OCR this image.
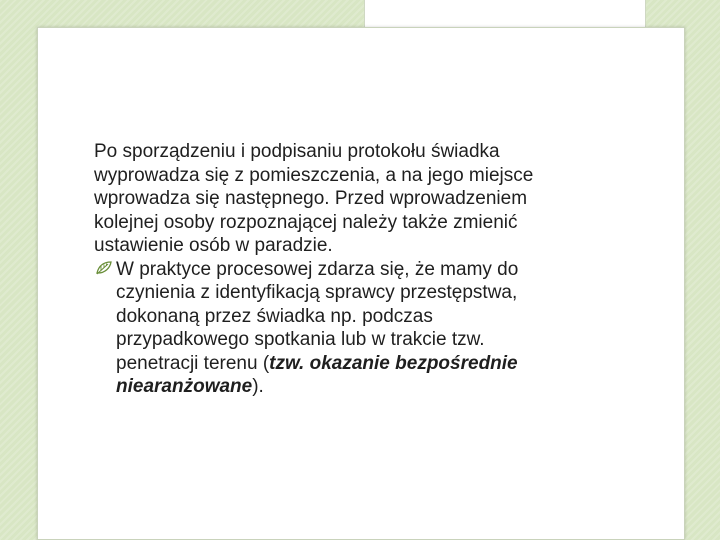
Po sporządzeniu i podpisaniu protokołu świadka
wyprowadza się z pomieszczenia, a na jego miejsce
wprowadza się następnego. Przed wprowadzeniem
kolejnej osoby rozpoznającej należy także zmienić
ustawienie osób w paradzie.

W praktyce procesowej zdarza się, że mamy do
czynienia z identyfikacją sprawcy przestępstwa,
dokonaną przez świadka np. podczas
przypadkowego spotkania lub w trakcie tzw.
penetracji terenu (tzw. okazanie bezpośrednie
niearanżowane).
